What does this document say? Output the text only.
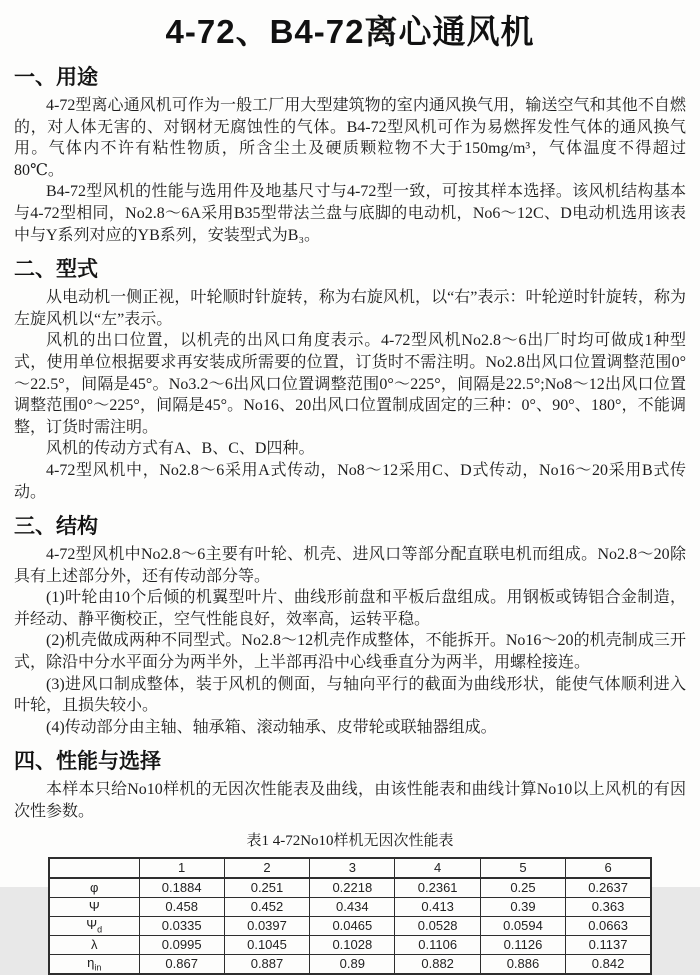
4-72、B4-72离心通风机
一、用途

4-72型离心通风机可作为一般工厂用大型建筑物的室内通风换气用，输送空气和其他不自燃的，对人体无害的、对钢材无腐蚀性的气体。B4-72型风机可作为易燃挥发性气体的通风换气用。气体内不许有粘性物质，所含尘土及硬质颗粒物不大于150mg/m³，气体温度不得超过80℃。

B4-72型风机的性能与选用件及地基尺寸与4-72型一致，可按其样本选择。该风机结构基本与4-72型相同，No2.8～6A采用B35型带法兰盘与底脚的电动机，No6～12C、D电动机选用该表中与Y系列对应的YB系列，安装型式为B₃。

二、型式

从电动机一侧正视，叶轮顺时针旋转，称为右旋风机，以“右”表示：叶轮逆时针旋转，称为左旋风机以“左”表示。

风机的出口位置，以机壳的出风口角度表示。4-72型风机No2.8～6出厂时均可做成1种型式，使用单位根据要求再安装成所需要的位置，订货时不需注明。No2.8出风口位置调整范围0°～22.5°，间隔是45°。No3.2～6出风口位置调整范围0°～225°，间隔是22.5°;No8～12出风口位置调整范围0°～225°，间隔是45°。No16、20出风口位置制成固定的三种：0°、90°、180°，不能调整，订货时需注明。

风机的传动方式有A、B、C、D四种。

4-72型风机中，No2.8～6采用A式传动，No8～12采用C、D式传动，No16～20采用B式传动。

三、结构

4-72型风机中No2.8～6主要有叶轮、机壳、进风口等部分配直联电机而组成。No2.8～20除具有上述部分外，还有传动部分等。

(1)叶轮由10个后倾的机翼型叶片、曲线形前盘和平板后盘组成。用钢板或铸铝合金制造，并经动、静平衡校正，空气性能良好，效率高，运转平稳。

(2)机壳做成两种不同型式。No2.8～12机壳作成整体，不能拆开。No16～20的机壳制成三开式，除沿中分水平面分为两半外，上半部再沿中心线垂直分为两半，用螺栓接连。

(3)进风口制成整体，装于风机的侧面，与轴向平行的截面为曲线形状，能使气体顺利进入叶轮，且损失较小。

(4)传动部分由主轴、轴承箱、滚动轴承、皮带轮或联轴器组成。

四、性能与选择

本样本只给No10样机的无因次性能表及曲线，由该性能表和曲线计算No10以上风机的有因次性参数。

表1 4-72No10样机无因次性能表
	1	2	3	4	5	6
φ	0.1884	0.251	0.2218	0.2361	0.25	0.2637
Ψ	0.458	0.452	0.434	0.413	0.39	0.363
$\Psi_d$	0.0335	0.0397	0.0465	0.0528	0.0594	0.0663
λ	0.0995	0.1045	0.1028	0.1106	0.1126	0.1137
$\eta_{in}$	0.867	0.887	0.89	0.882	0.886	0.842
